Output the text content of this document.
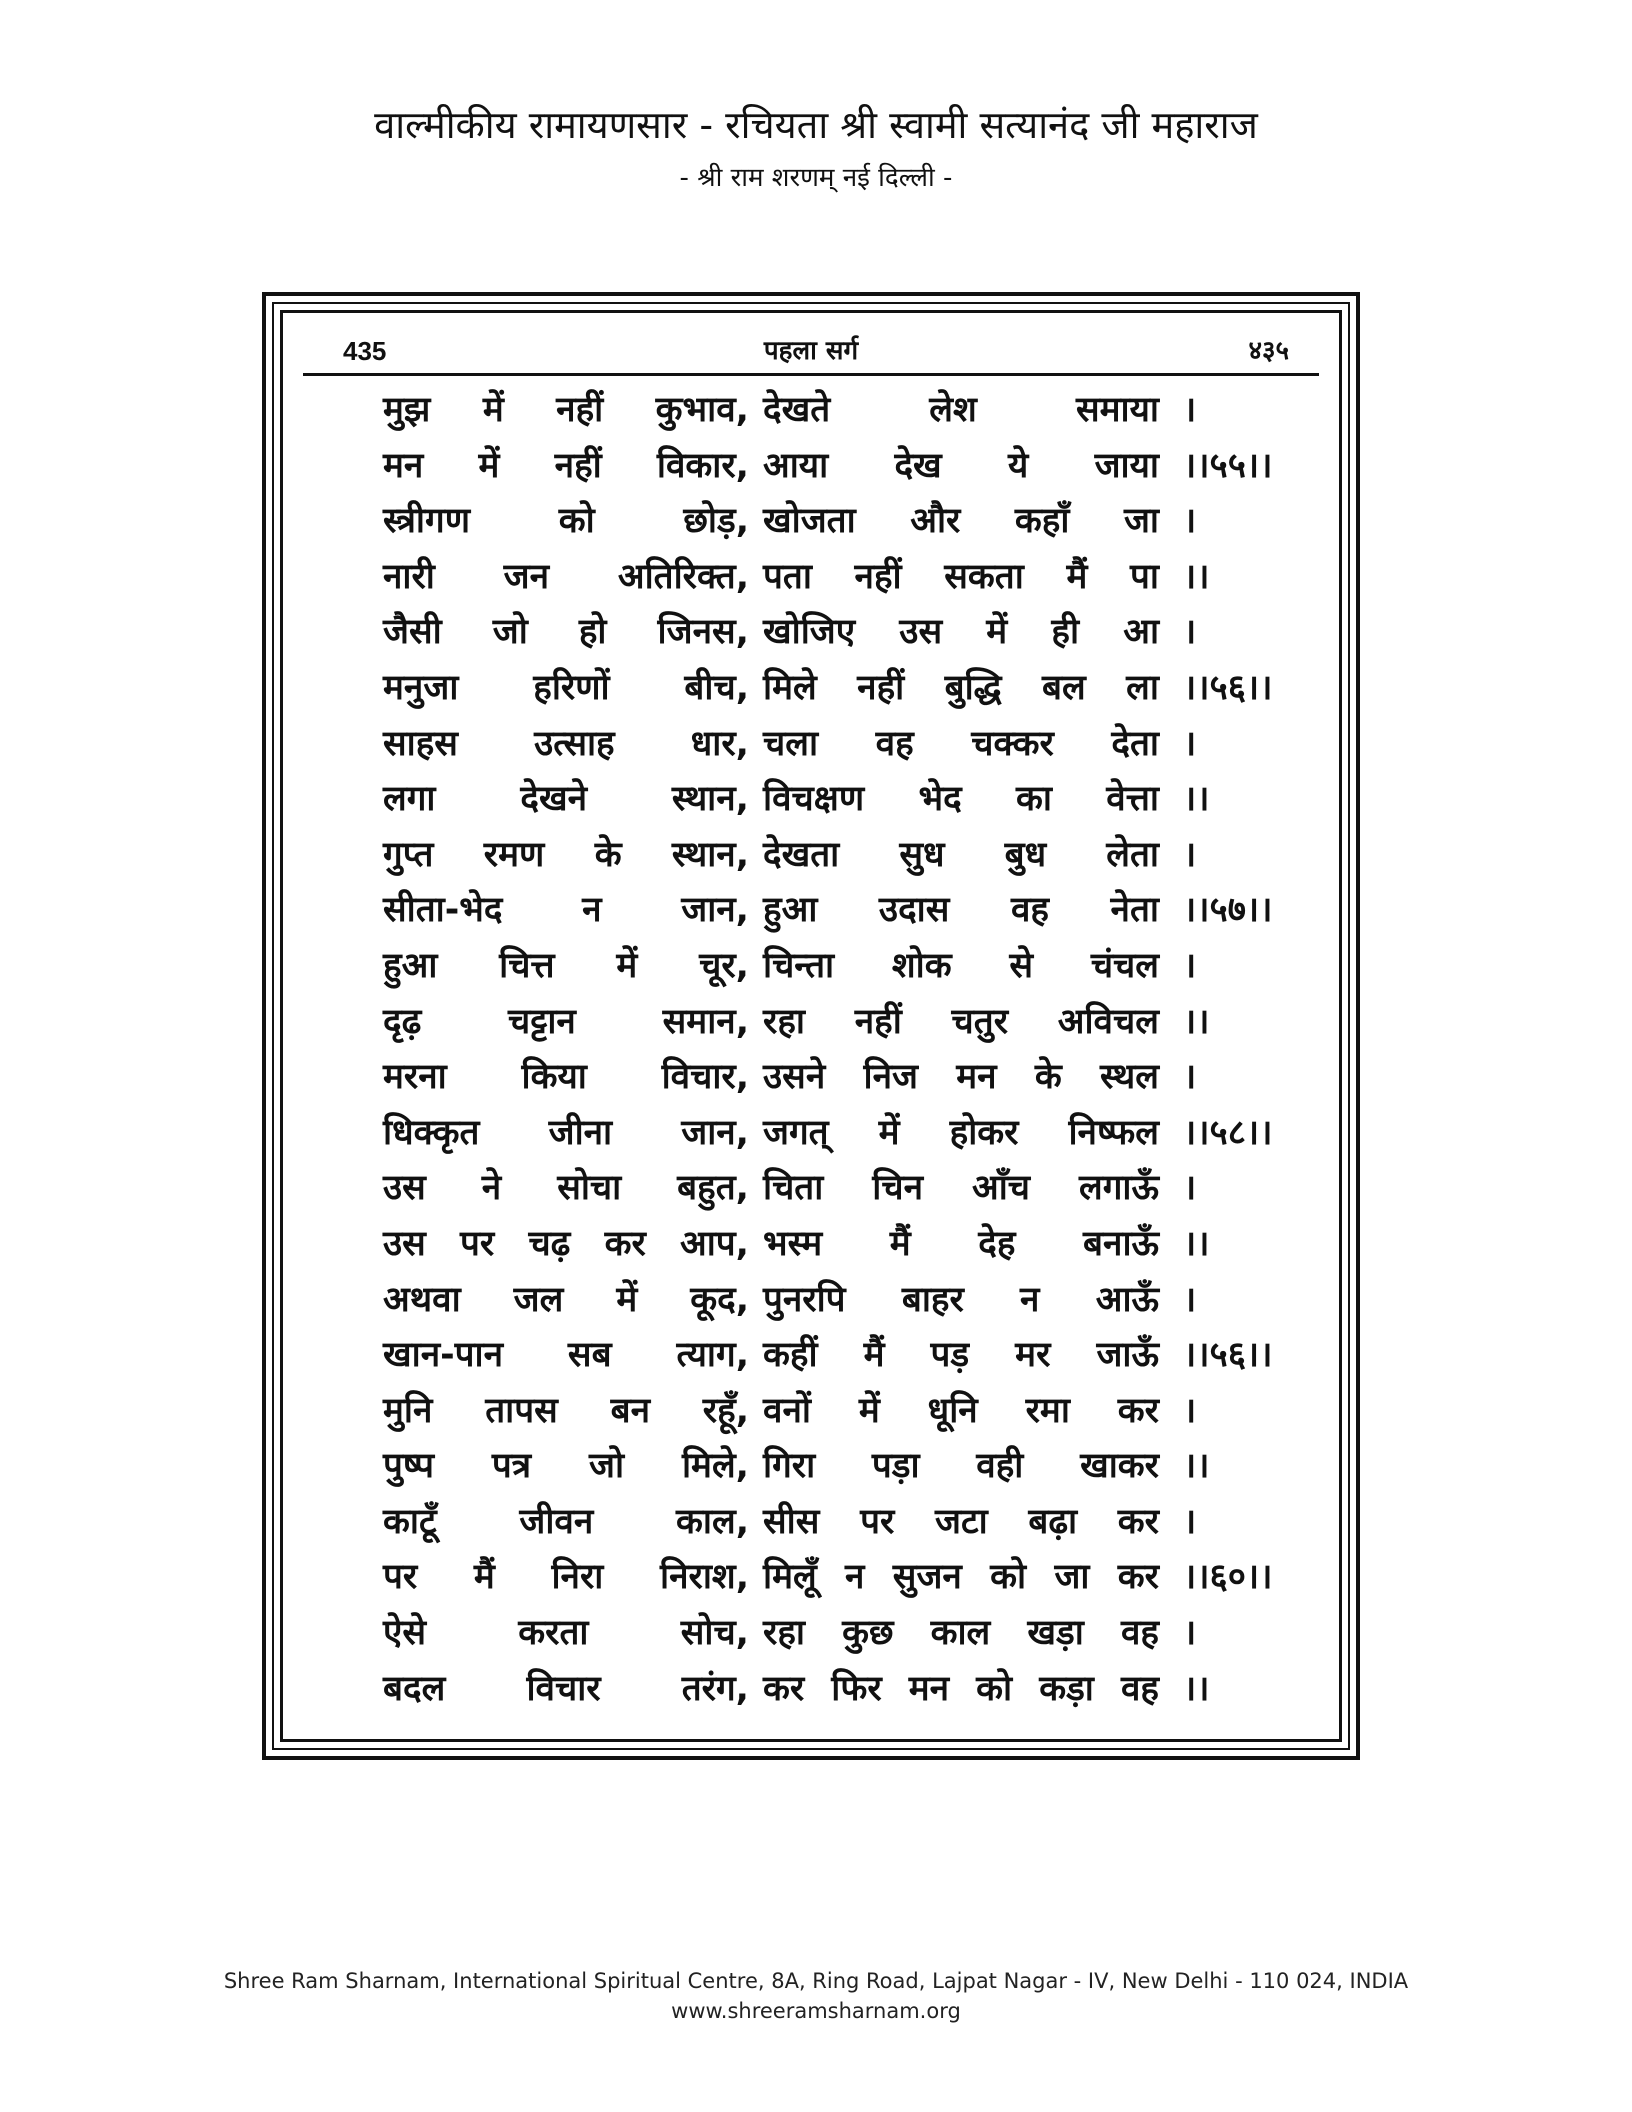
वाल्मीकीय रामायणसार - रचियता श्री स्वामी सत्यानंद जी महाराज
- श्री राम शरणम् नई दिल्ली -
435	पहला सर्ग	४३५
मुझ में नहीं कुभाव, देखते	लेश	समाया ।
मन में नहीं विकार, आया देख ये जाया ।।५५।।
स्त्रीगण	को	छोड़, खोजता और कहाँ जा ।
नारी जन अतिरिक्त, पता नहीं सकता मैं पा ।।
जैसी जो हो जिनस, खोजिए उस में ही आ ।
मनुजा हरिणों बीच, मिले नहीं बुद्धि बल ला ।।५६।।
साहस उत्साह धार, चला वह चक्कर देता ।
लगा देखने स्थान, विचक्षण भेद का वेत्ता ।।
गुप्त रमण के स्थान, देखता सुध बुध लेता ।
सीता-भेद न जान, हुआ उदास वह नेता ।।५७।।
हुआ चित्त में चूर, चिन्ता शोक से चंचल ।
दृढ़ चट्टान समान, रहा नहीं चतुर अविचल ।।
मरना किया विचार, उसने निज मन के स्थल ।
धिक्कृत जीना जान, जगत् में होकर निष्फल ।।५८।।
उस ने सोचा बहुत, चिता चिन आँच लगाऊँ ।
उस पर चढ़ कर आप, भस्म मैं देह बनाऊँ ।।
अथवा जल में कूद, पुनरपि बाहर न आऊँ ।
खान-पान सब त्याग, कहीं मैं पड़ मर जाऊँ ।।५६।।
मुनि तापस बन रहूँ, वनों में धूनि रमा कर ।
पुष्प पत्र जो मिले, गिरा पड़ा वही खाकर ।।
काटूँ जीवन काल, सीस पर जटा बढ़ा कर ।
पर मैं निरा निराश, मिलूँ न सुजन को जा कर ।।६०।।
ऐसे	करता	सोच, रहा कुछ काल खड़ा वह ।
बदल विचार तरंग, कर फिर मन को कड़ा वह ।।
Shree Ram Sharnam, International Spiritual Centre, 8A, Ring Road, Lajpat Nagar - IV, New Delhi - 110 024, INDIA
www.shreeramsharnam.org
